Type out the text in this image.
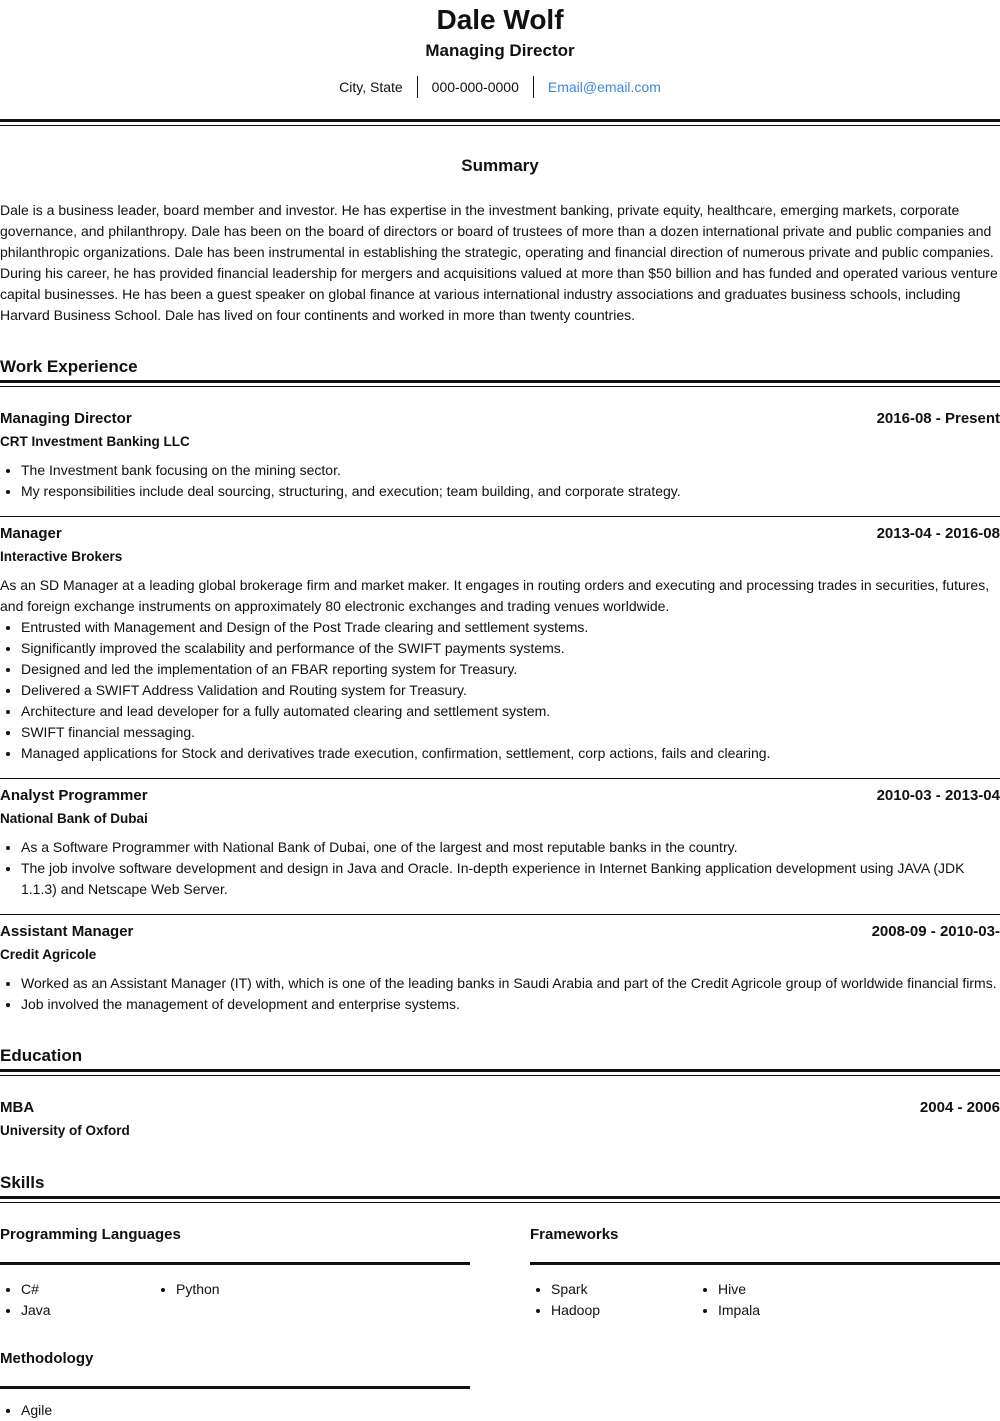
Dale Wolf
Managing Director
City, State	000-000-0000	Email@email.com
Summary
Dale is a business leader, board member and investor. He has expertise in the investment banking, private equity, healthcare, emerging markets, corporate governance, and philanthropy. Dale has been on the board of directors or board of trustees of more than a dozen international private and public companies and philanthropic organizations. Dale has been instrumental in establishing the strategic, operating and financial direction of numerous private and public companies. During his career, he has provided financial leadership for mergers and acquisitions valued at more than $50 billion and has funded and operated various venture capital businesses. He has been a guest speaker on global finance at various international industry associations and graduates business schools, including Harvard Business School. Dale has lived on four continents and worked in more than twenty countries.
Work Experience
Managing Director	2016-08 - Present
CRT Investment Banking LLC
• The Investment bank focusing on the mining sector.
• My responsibilities include deal sourcing, structuring, and execution; team building, and corporate strategy.
Manager	2013-04 - 2016-08
Interactive Brokers
As an SD Manager at a leading global brokerage firm and market maker. It engages in routing orders and executing and processing trades in securities, futures, and foreign exchange instruments on approximately 80 electronic exchanges and trading venues worldwide.
• Entrusted with Management and Design of the Post Trade clearing and settlement systems.
• Significantly improved the scalability and performance of the SWIFT payments systems.
• Designed and led the implementation of an FBAR reporting system for Treasury.
• Delivered a SWIFT Address Validation and Routing system for Treasury.
• Architecture and lead developer for a fully automated clearing and settlement system.
• SWIFT financial messaging.
• Managed applications for Stock and derivatives trade execution, confirmation, settlement, corp actions, fails and clearing.
Analyst Programmer	2010-03 - 2013-04
National Bank of Dubai
• As a Software Programmer with National Bank of Dubai, one of the largest and most reputable banks in the country.
• The job involve software development and design in Java and Oracle. In-depth experience in Internet Banking application development using JAVA (JDK 1.1.3) and Netscape Web Server.
Assistant Manager	2008-09 - 2010-03-
Credit Agricole
• Worked as an Assistant Manager (IT) with, which is one of the leading banks in Saudi Arabia and part of the Credit Agricole group of worldwide financial firms.
• Job involved the management of development and enterprise systems.
Education
MBA	2004 - 2006
University of Oxford
Skills
Programming Languages
• C#
• Java
• Python
Frameworks
• Spark
• Hadoop
• Hive
• Impala
Methodology
• Agile
